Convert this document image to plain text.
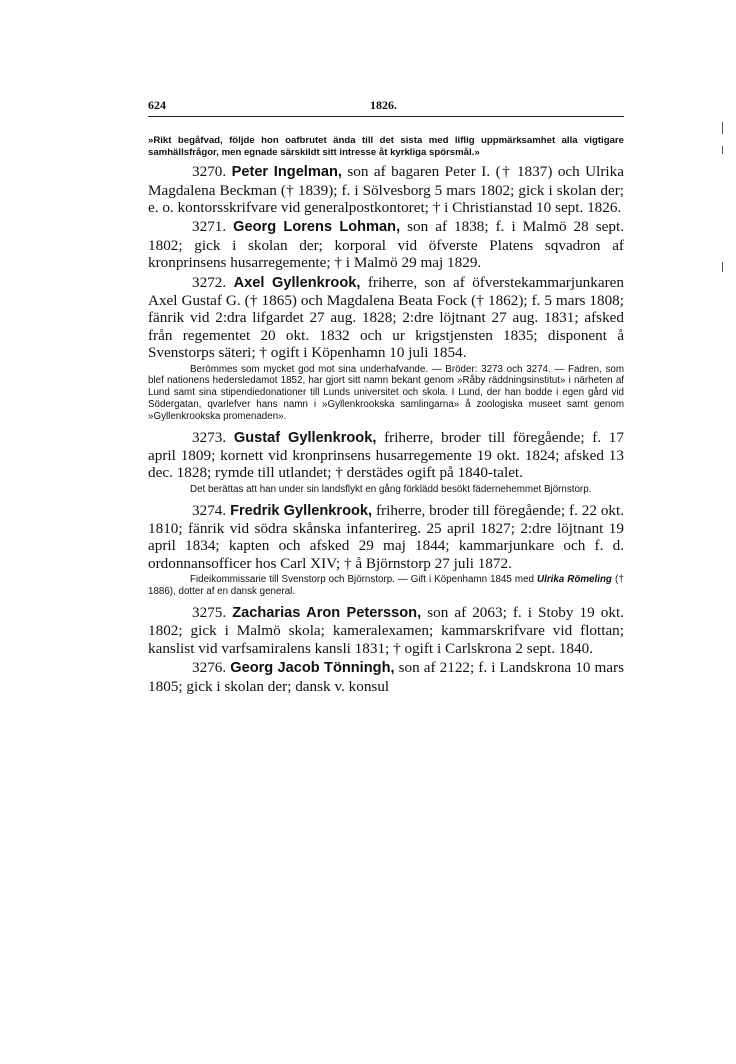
624	1826.

»Rikt begåfvad, följde hon oafbrutet ända till det sista med liflig uppmärksamhet alla vigtigare samhällsfrågor, men egnade särskildt sitt intresse åt kyrkliga spörsmål.»

3270. Peter Ingelman, son af bagaren Peter I. († 1837) och Ulrika Magdalena Beckman († 1839); f. i Sölvesborg 5 mars 1802; gick i skolan der; e. o. kontorsskrifvare vid generalpostkontoret; † i Christianstad 10 sept. 1826.

3271. Georg Lorens Lohman, son af 1838; f. i Malmö 28 sept. 1802; gick i skolan der; korporal vid öfverste Platens sqvadron af kronprinsens husarregemente; † i Malmö 29 maj 1829.

3272. Axel Gyllenkrook, friherre, son af öfverstekammarjunkaren Axel Gustaf G. († 1865) och Magdalena Beata Fock († 1862); f. 5 mars 1808; fänrik vid 2:dra lifgardet 27 aug. 1828; 2:dre löjtnant 27 aug. 1831; afsked från regementet 20 okt. 1832 och ur krigstjensten 1835; disponent å Svenstorps säteri; † ogift i Köpenhamn 10 juli 1854.

Berömmes som mycket god mot sina underhafvande. — Bröder: 3273 och 3274. — Fadren, som blef nationens hedersledamot 1852, har gjort sitt namn bekant genom »Råby räddningsinstitut» i närheten af Lund samt sina stipendiedonationer till Lunds universitet och skola. I Lund, der han bodde i egen gård vid Södergatan, qvarlefver hans namn i »Gyllenkrookska samlingarna» å zoologiska museet samt genom »Gyllenkrookska promenaden».

3273. Gustaf Gyllenkrook, friherre, broder till föregående; f. 17 april 1809; kornett vid kronprinsens husarregemente 19 okt. 1824; afsked 13 dec. 1828; rymde till utlandet; † derstädes ogift på 1840-talet.

Det berättas att han under sin landsflykt en gång förklädd besökt fädernehemmet Björnstorp.

3274. Fredrik Gyllenkrook, friherre, broder till föregående; f. 22 okt. 1810; fänrik vid södra skånska infanterireg. 25 april 1827; 2:dre löjtnant 19 april 1834; kapten och afsked 29 maj 1844; kammarjunkare och f. d. ordonnansofficer hos Carl XIV; † å Björnstorp 27 juli 1872.

Fideikommissarie till Svenstorp och Björnstorp. — Gift i Köpenhamn 1845 med Ulrika Römeling († 1886), dotter af en dansk general.

3275. Zacharias Aron Petersson, son af 2063; f. i Stoby 19 okt. 1802; gick i Malmö skola; kameralexamen; kammarskrifvare vid flottan; kanslist vid varfsamiralens kansli 1831; † ogift i Carlskrona 2 sept. 1840.

3276. Georg Jacob Tönningh, son af 2122; f. i Landskrona 10 mars 1805; gick i skolan der; dansk v. konsul
